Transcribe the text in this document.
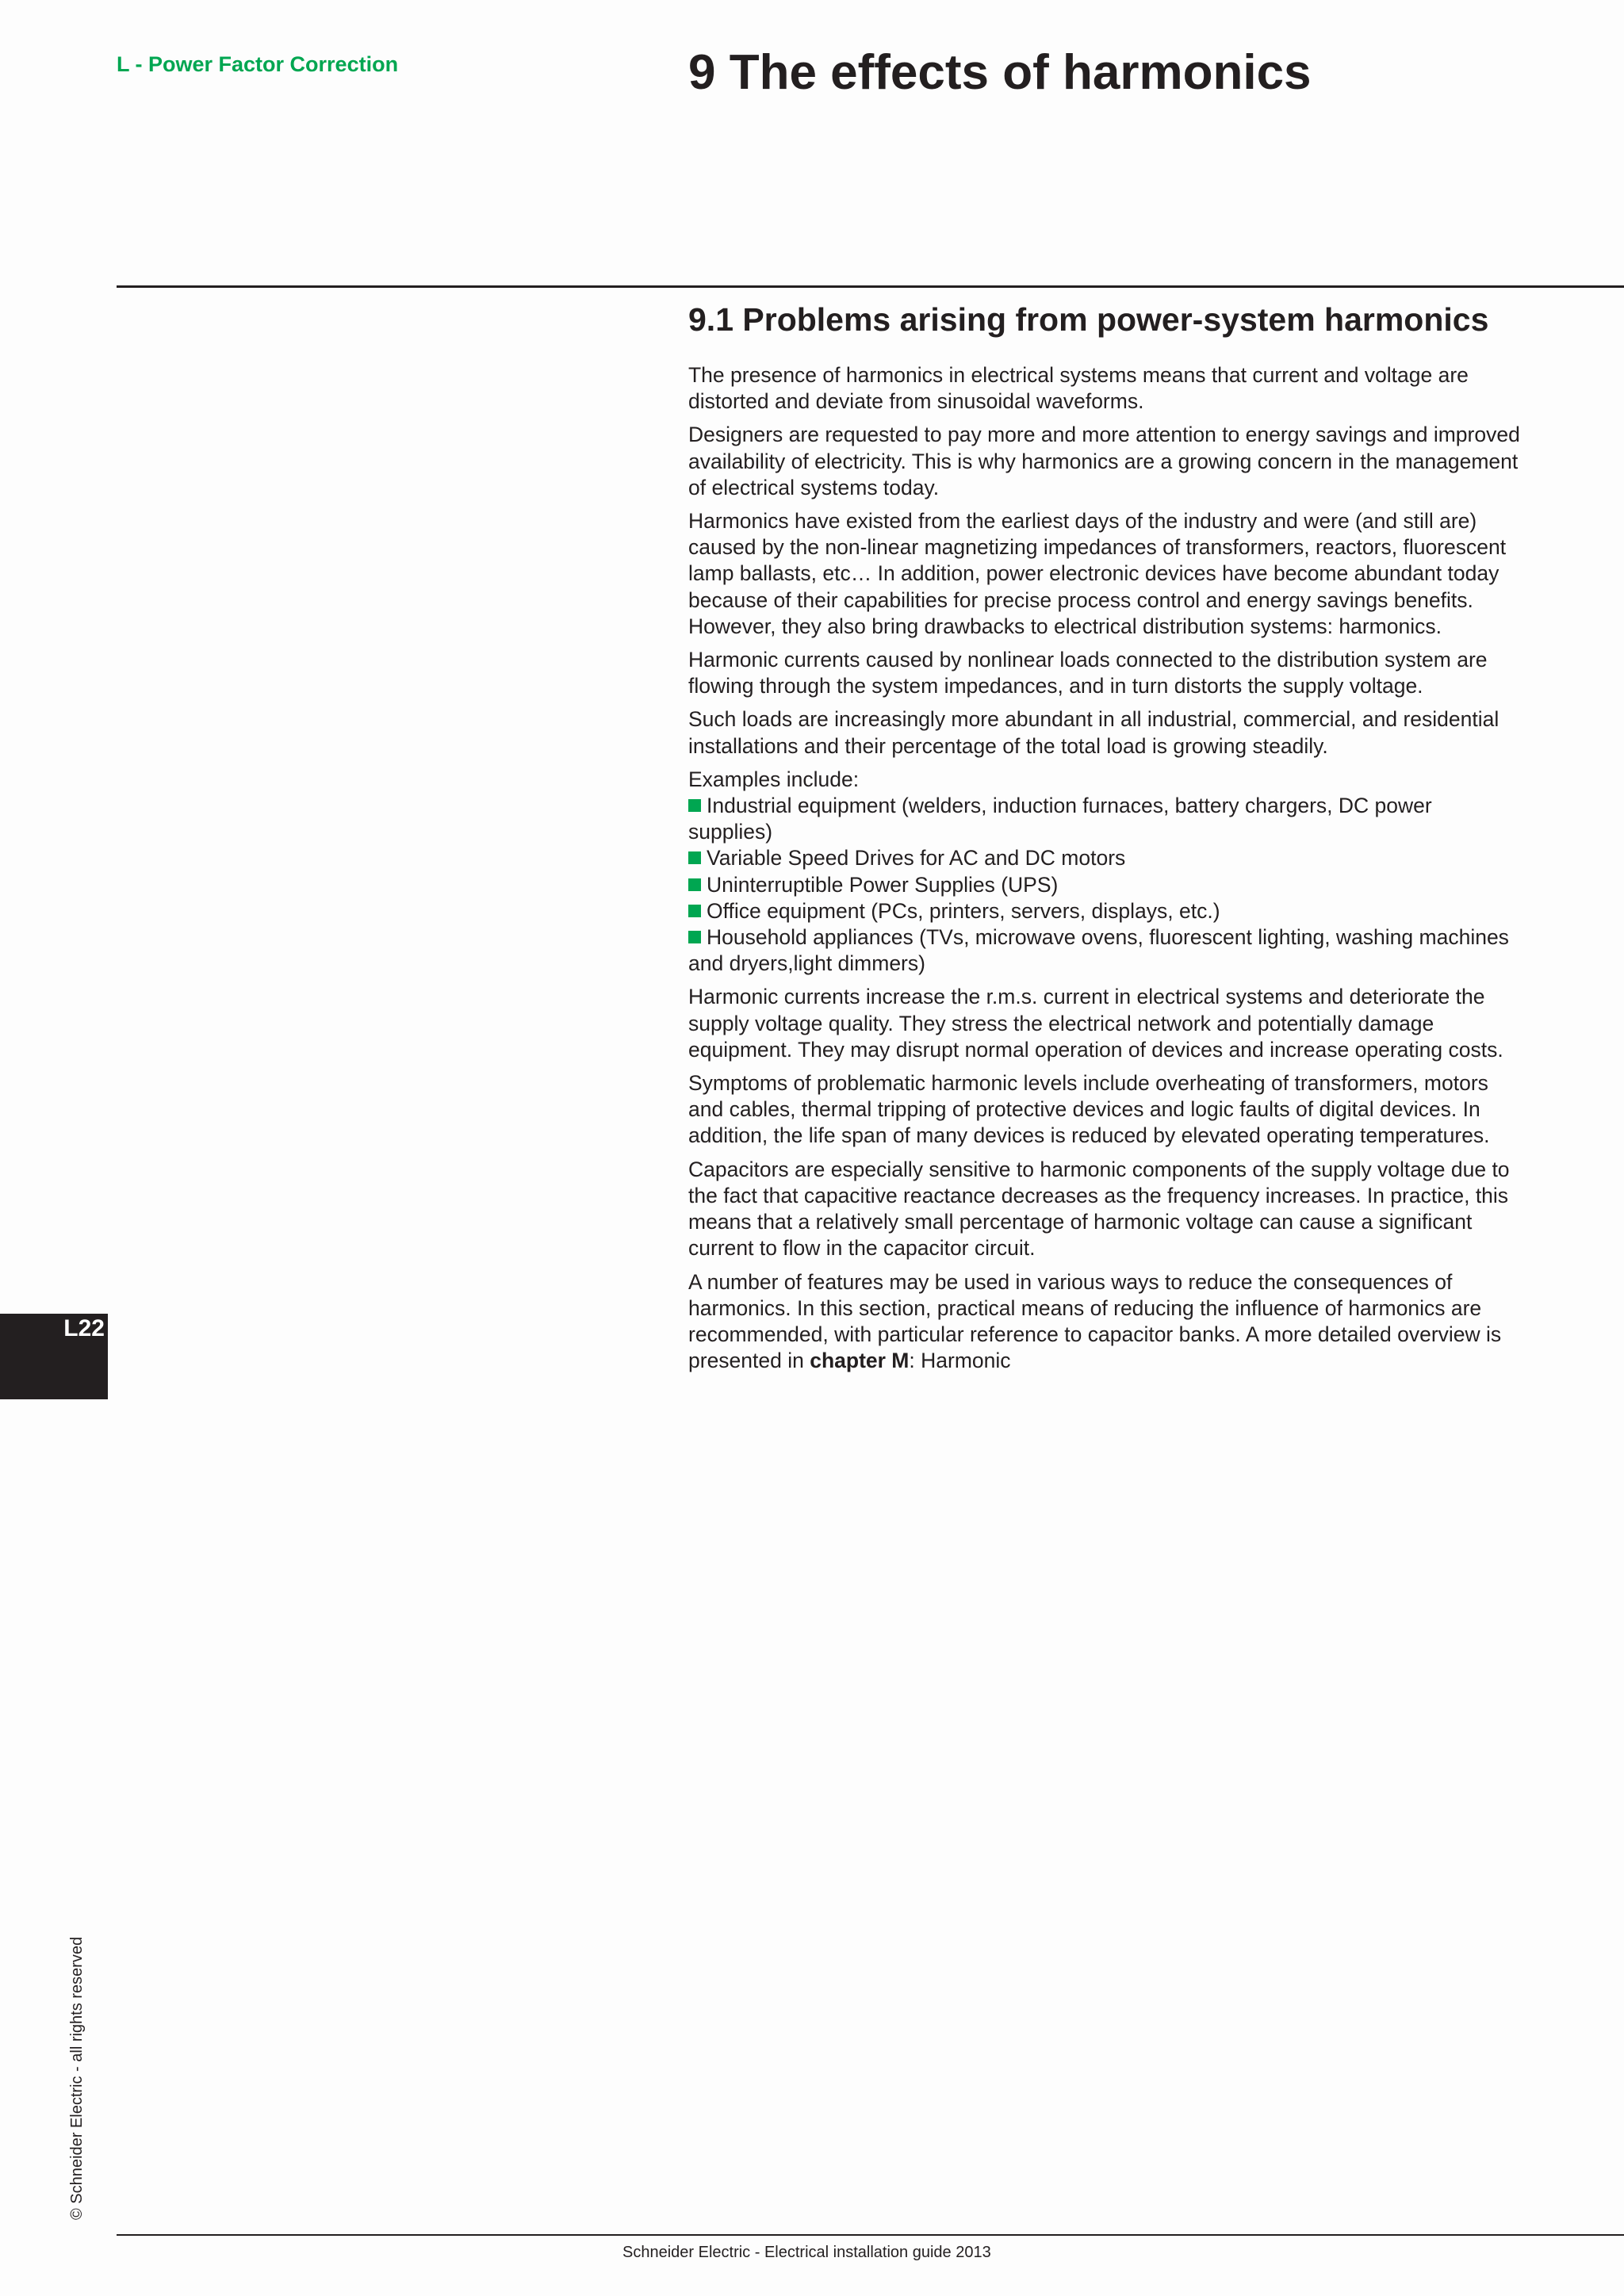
L - Power Factor Correction	9 The effects of harmonics
9.1 Problems arising from power-system harmonics

The presence of harmonics in electrical systems means that current and voltage are distorted and deviate from sinusoidal waveforms.

Designers are requested to pay more and more attention to energy savings and improved availability of electricity. This is why harmonics are a growing concern in the management of electrical systems today.

Harmonics have existed from the earliest days of the industry and were (and still are) caused by the non-linear magnetizing impedances of transformers, reactors, fluorescent lamp ballasts, etc… In addition, power electronic devices have become abundant today because of their capabilities for precise process control and energy savings benefits. However, they also bring drawbacks to electrical distribution systems: harmonics.

Harmonic currents caused by nonlinear loads connected to the distribution system are flowing through the system impedances, and in turn distorts the supply voltage.

Such loads are increasingly more abundant in all industrial, commercial, and residential installations and their percentage of the total load is growing steadily.

Examples include:

Industrial equipment (welders, induction furnaces, battery chargers, DC power supplies)
Variable Speed Drives for AC and DC motors
Uninterruptible Power Supplies (UPS)
Office equipment (PCs, printers, servers, displays, etc.)
Household appliances (TVs, microwave ovens, fluorescent lighting, washing machines and dryers,light dimmers)

Harmonic currents increase the r.m.s. current in electrical systems and deteriorate the supply voltage quality. They stress the electrical network and potentially damage equipment. They may disrupt normal operation of devices and increase operating costs.

Symptoms of problematic harmonic levels include overheating of transformers, motors and cables, thermal tripping of protective devices and logic faults of digital devices. In addition, the life span of many devices is reduced by elevated operating temperatures.

Capacitors are especially sensitive to harmonic components of the supply voltage due to the fact that capacitive reactance decreases as the frequency increases. In practice, this means that a relatively small percentage of harmonic voltage can cause a significant current to flow in the capacitor circuit.

A number of features may be used in various ways to reduce the consequences of harmonics. In this section, practical means of reducing the influence of harmonics are recommended, with particular reference to capacitor banks. A more detailed overview is presented in chapter M: Harmonic

L22
© Schneider Electric - all rights reserved
Schneider Electric - Electrical installation guide 2013
